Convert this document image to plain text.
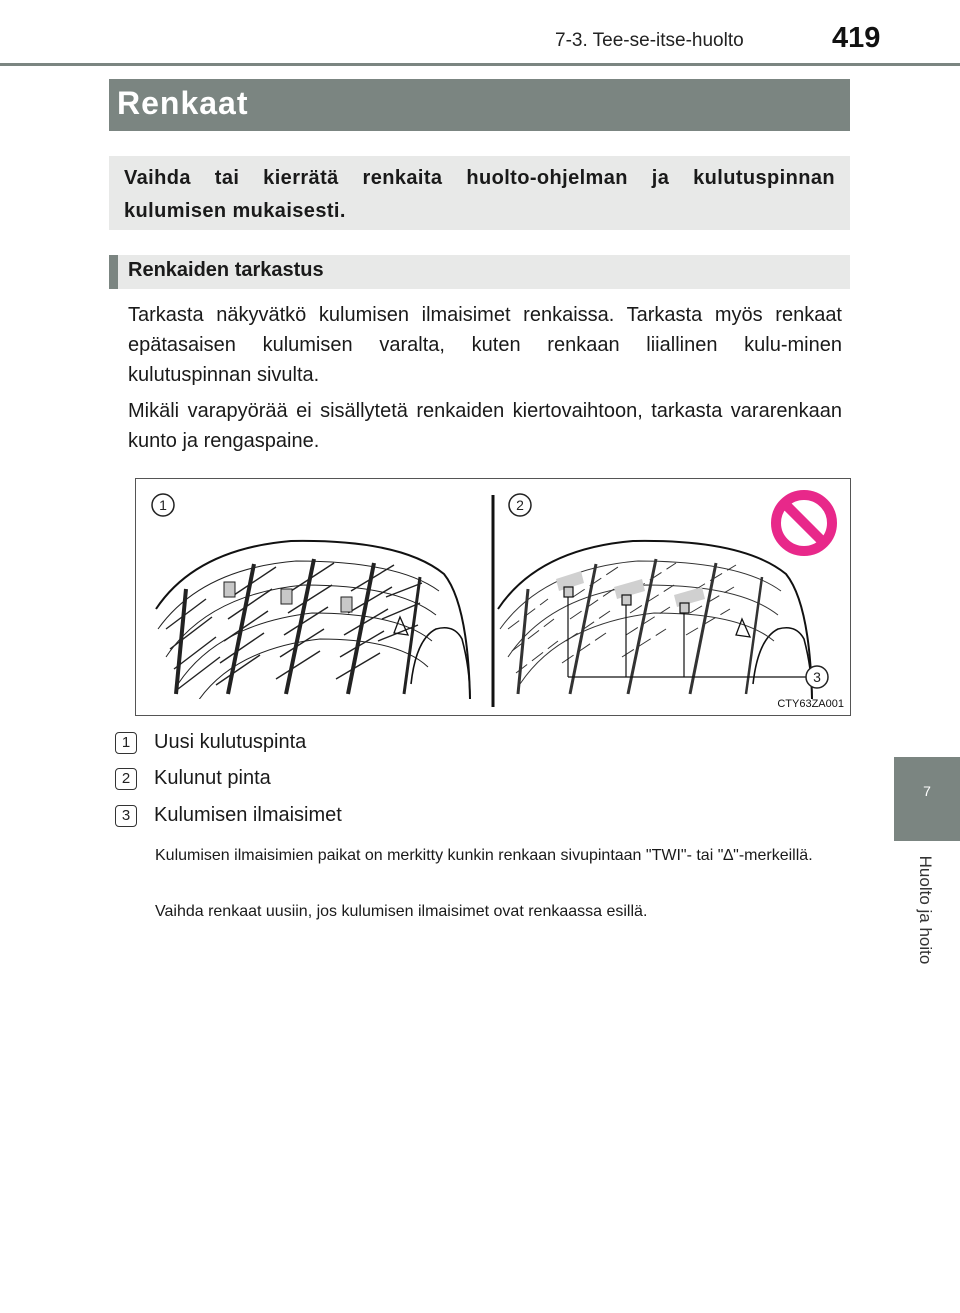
7-3. Tee-se-itse-huolto	419
Renkaat
Vaihda tai kierrätä renkaita huolto-ohjelman ja kulutuspinnan kulumisen mukaisesti.
Renkaiden tarkastus
Tarkasta näkyvätkö kulumisen ilmaisimet renkaissa. Tarkasta myös renkaat epätasaisen kulumisen varalta, kuten renkaan liiallinen kulu-minen kulutuspinnan sivulta.
Mikäli varapyörää ei sisällytetä renkaiden kiertovaihtoon, tarkasta vararenkaan kunto ja rengaspaine.
1	2
3
CTY63ZA001
1	Uusi kulutuspinta
2	Kulunut pinta
3	Kulumisen ilmaisimet
Kulumisen ilmaisimien paikat on merkitty kunkin renkaan sivupintaan "TWI"- tai "∆"-merkeillä.
Vaihda renkaat uusiin, jos kulumisen ilmaisimet ovat renkaassa esillä.
7
Huolto ja hoito
